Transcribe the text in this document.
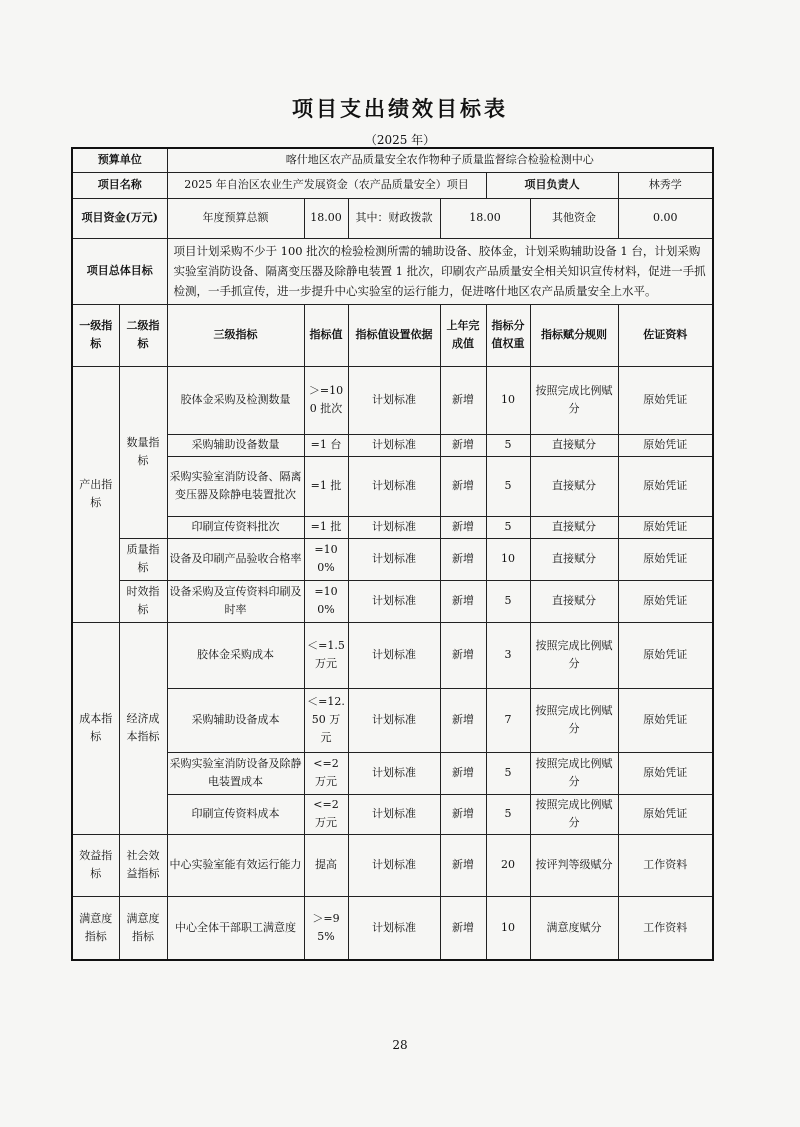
项目支出绩效目标表
（2025 年）
预算单位		喀什地区农产品质量安全农作物种子质量监督综合检验检测中心						
项目名称		2025 年自治区农业生产发展资金（农产品质量安全）项目				项目负责人		林秀学
项目资金(万元)		年度预算总额	18.00	其中：财政拨款	18.00		其他资金	0.00
项目总体目标		项目计划采购不少于 100 批次的检验检测所需的辅助设备、胶体金，计划采购辅助设备 1 台，计划采购实验室消防设备、隔离变压器及除静电装置 1 批次，印刷农产品质量安全相关知识宣传材料，促进一手抓检测，一手抓宣传，进一步提升中心实验室的运行能力，促进喀什地区农产品质量安全上水平。						
一级指标	二级指标	三级指标	指标值	指标值设置依据	上年完成值	指标分值权重	指标赋分规则	佐证资料
产出指标	数量指标	胶体金采购及检测数量	＞=100 批次	计划标准	新增	10	按照完成比例赋分	原始凭证
		采购辅助设备数量	=1 台	计划标准	新增	5	直接赋分	原始凭证
		采购实验室消防设备、隔离变压器及除静电装置批次	=1 批	计划标准	新增	5	直接赋分	原始凭证
		印刷宣传资料批次	=1 批	计划标准	新增	5	直接赋分	原始凭证
	质量指标	设备及印刷产品验收合格率	=100%	计划标准	新增	10	直接赋分	原始凭证
	时效指标	设备采购及宣传资料印刷及时率	=100%	计划标准	新增	5	直接赋分	原始凭证
成本指标	经济成本指标	胶体金采购成本	＜=1.5 万元	计划标准	新增	3	按照完成比例赋分	原始凭证
		采购辅助设备成本	＜=12.50 万元	计划标准	新增	7	按照完成比例赋分	原始凭证
		采购实验室消防设备及除静电装置成本	<=2 万元	计划标准	新增	5	按照完成比例赋分	原始凭证
		印刷宣传资料成本	<=2 万元	计划标准	新增	5	按照完成比例赋分	原始凭证
效益指标	社会效益指标	中心实验室能有效运行能力	提高	计划标准	新增	20	按评判等级赋分	工作资料
满意度指标	满意度指标	中心全体干部职工满意度	＞=95%	计划标准	新增	10	满意度赋分	工作资料
28
